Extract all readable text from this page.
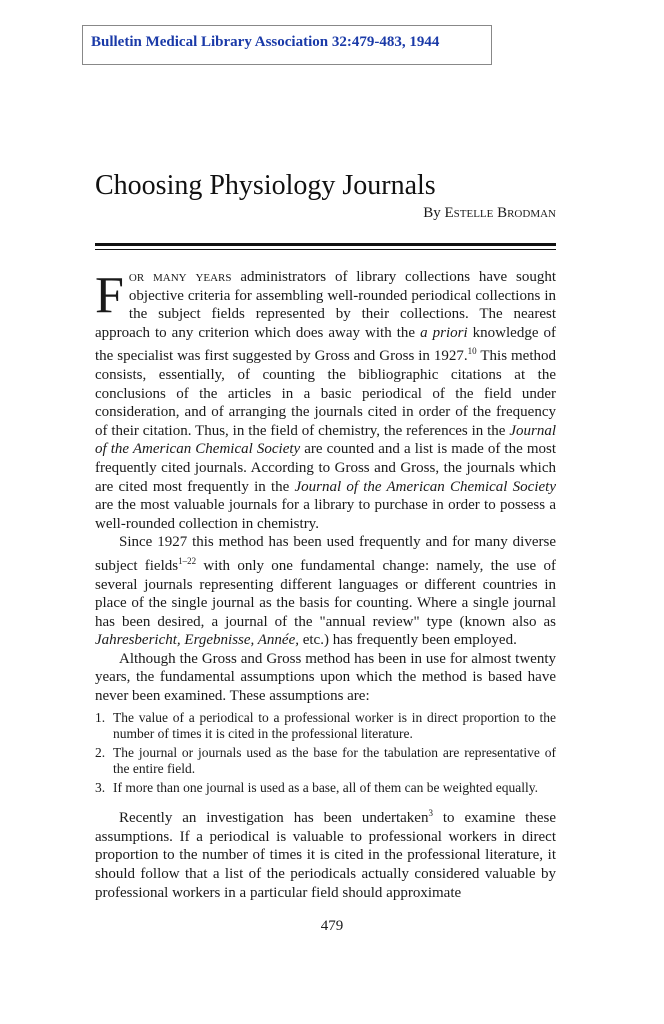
Bulletin Medical Library Association 32:479-483, 1944
Choosing Physiology Journals
By Estelle Brodman

For many years administrators of library collections have sought objective criteria for assembling well-rounded periodical collections in the subject fields represented by their collections. The nearest approach to any criterion which does away with the a priori knowledge of the specialist was first suggested by Gross and Gross in 1927.10 This method consists, essentially, of counting the bibliographic citations at the conclusions of the articles in a basic periodical of the field under consideration, and of arranging the journals cited in order of the frequency of their citation. Thus, in the field of chemistry, the references in the Journal of the American Chemical Society are counted and a list is made of the most frequently cited journals. According to Gross and Gross, the journals which are cited most frequently in the Journal of the American Chemical Society are the most valuable journals for a library to purchase in order to possess a well-rounded collection in chemistry.

Since 1927 this method has been used frequently and for many diverse subject fields$^{1-22}$ with only one fundamental change: namely, the use of several journals representing different languages or different countries in place of the single journal as the basis for counting. Where a single journal has been desired, a journal of the "annual review" type (known also as Jahresbericht, Ergebnisse, Année, etc.) has frequently been employed.

Although the Gross and Gross method has been in use for almost twenty years, the fundamental assumptions upon which the method is based have never been examined. These assumptions are:

1. The value of a periodical to a professional worker is in direct proportion to the number of times it is cited in the professional literature.
2. The journal or journals used as the base for the tabulation are representative of the entire field.
3. If more than one journal is used as a base, all of them can be weighted equally.

Recently an investigation has been undertaken$^3$ to examine these assumptions. If a periodical is valuable to professional workers in direct proportion to the number of times it is cited in the professional literature, it should follow that a list of the periodicals actually considered valuable by professional workers in a particular field should approximate

479
